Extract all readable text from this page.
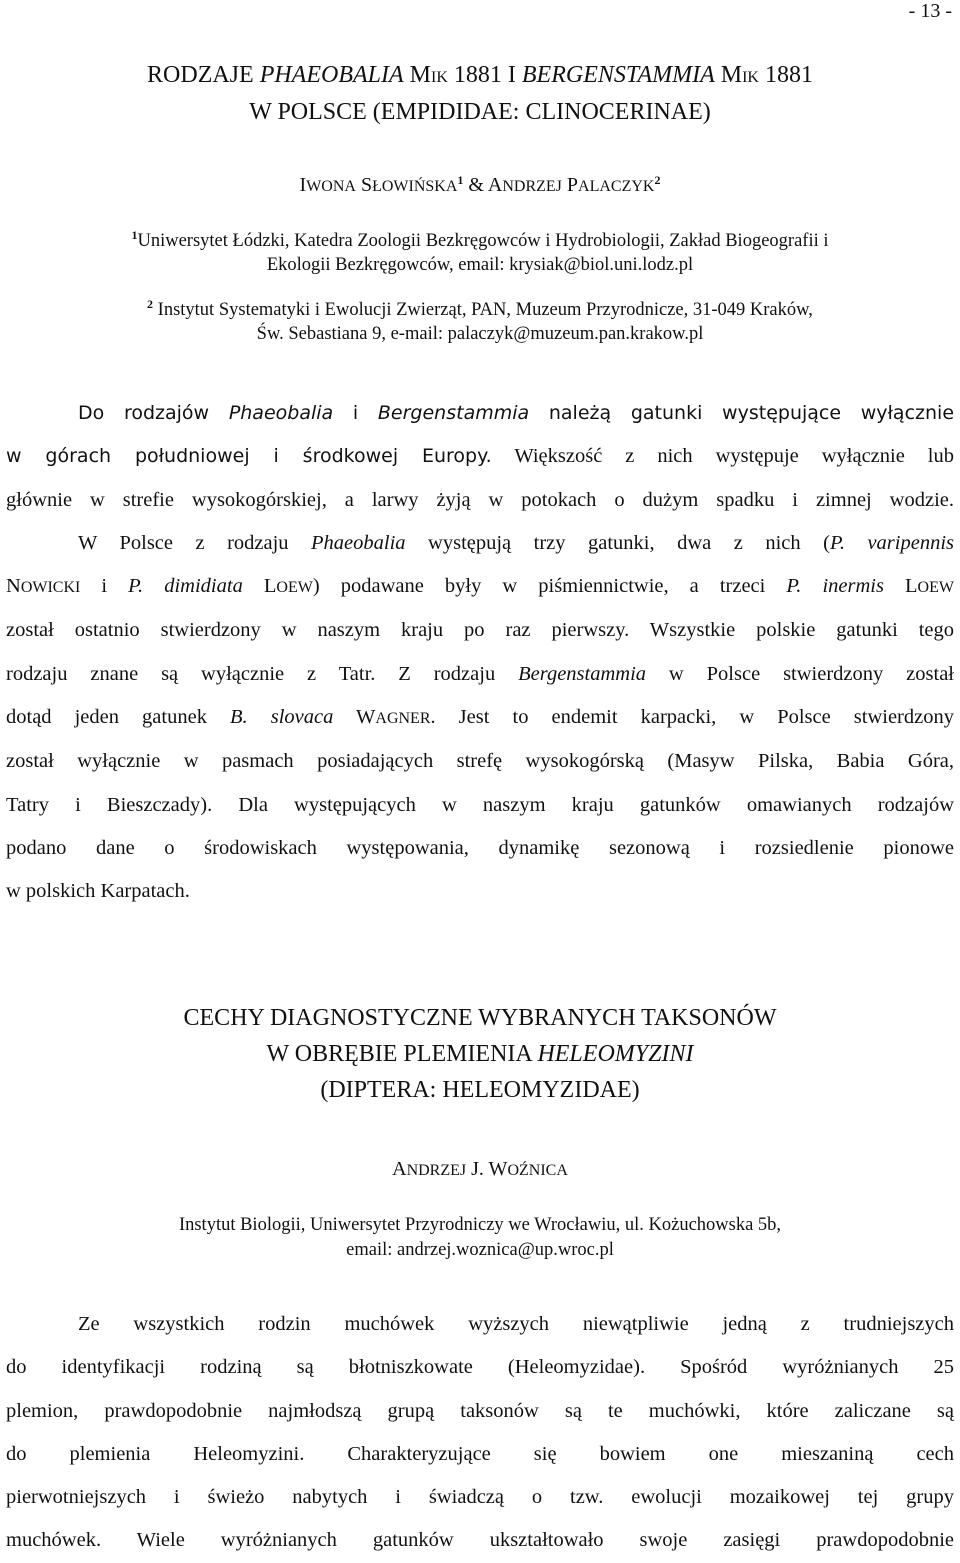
- 13 -
RODZAJE PHAEOBALIA MIK 1881 I BERGENSTAMMIA MIK 1881
W POLSCE (EMPIDIDAE: CLINOCERINAE)
IWONA SŁOWIŃSKA$^1$ & ANDRZEJ PALACZYK$^2$
$^1$Uniwersytet Łódzki, Katedra Zoologii Bezkręgowców i Hydrobiologii, Zakład Biogeografii i
Ekologii Bezkręgowców, email: krysiak@biol.uni.lodz.pl
$^2$ Instytut Systematyki i Ewolucji Zwierząt, PAN, Muzeum Przyrodnicze, 31-049 Kraków,
Św. Sebastiana 9, e-mail: palaczyk@muzeum.pan.krakow.pl
Do rodzajów Phaeobalia i Bergenstammia należą gatunki występujące wyłącznie
w górach południowej i środkowej Europy. Większość z nich występuje wyłącznie lub
głównie w strefie wysokogórskiej, a larwy żyją w potokach o dużym spadku i zimnej wodzie.
W Polsce z rodzaju Phaeobalia występują trzy gatunki, dwa z nich (P. varipennis
NOWICKI i P. dimidiata LOEW) podawane były w piśmiennictwie, a trzeci P. inermis LOEW
został ostatnio stwierdzony w naszym kraju po raz pierwszy. Wszystkie polskie gatunki tego
rodzaju znane są wyłącznie z Tatr. Z rodzaju Bergenstammia w Polsce stwierdzony został
dotąd jeden gatunek B. slovaca WAGNER. Jest to endemit karpacki, w Polsce stwierdzony
został wyłącznie w pasmach posiadających strefę wysokogórską (Masyw Pilska, Babia Góra,
Tatry i Bieszczady). Dla występujących w naszym kraju gatunków omawianych rodzajów
podano dane o środowiskach występowania, dynamikę sezonową i rozsiedlenie pionowe
w polskich Karpatach.
CECHY DIAGNOSTYCZNE WYBRANYCH TAKSONÓW
W OBRĘBIE PLEMIENIA HELEOMYZINI
(DIPTERA: HELEOMYZIDAE)
ANDRZEJ J. WOŹNICA
Instytut Biologii, Uniwersytet Przyrodniczy we Wrocławiu, ul. Kożuchowska 5b,
email: andrzej.woznica@up.wroc.pl
Ze wszystkich rodzin muchówek wyższych niewątpliwie jedną z trudniejszych
do identyfikacji rodziną są błotniszkowate (Heleomyzidae). Spośród wyróżnianych 25
plemion, prawdopodobnie najmłodszą grupą taksonów są te muchówki, które zaliczane są
do plemienia Heleomyzini. Charakteryzujące się bowiem one mieszaniną cech
pierwotniejszych i świeżo nabytych i świadczą o tzw. ewolucji mozaikowej tej grupy
muchówek. Wiele wyróżnianych gatunków ukształtowało swoje zasięgi prawdopodobnie
